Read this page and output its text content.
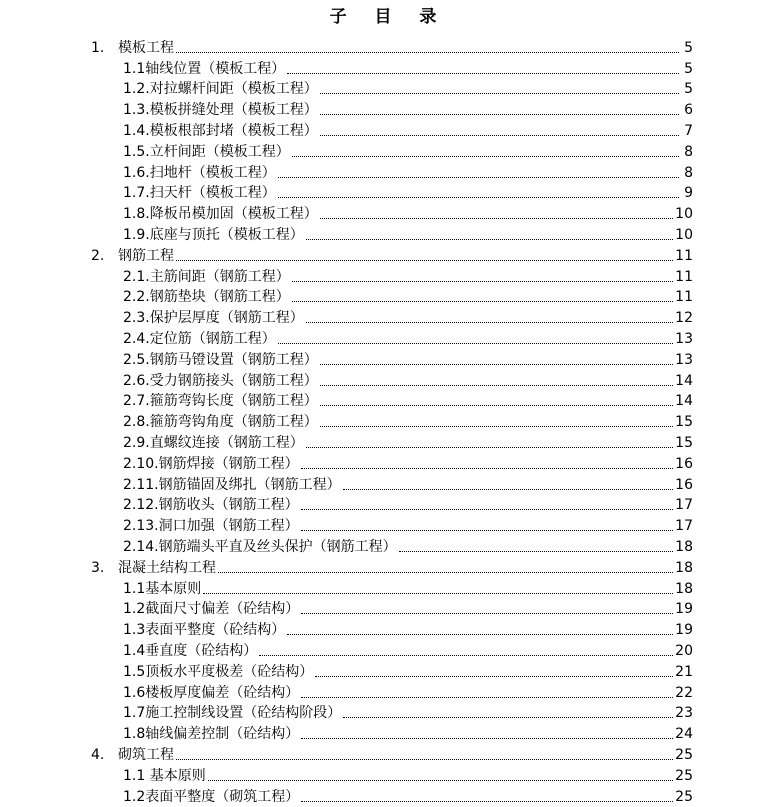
子 目 录
1. 模板工程	5
1.1轴线位置（模板工程）	5
1.2.对拉螺杆间距（模板工程）	5
1.3.模板拼缝处理（模板工程）	6
1.4.模板根部封堵（模板工程）	7
1.5.立杆间距（模板工程）	8
1.6.扫地杆（模板工程）	8
1.7.扫天杆（模板工程）	9
1.8.降板吊模加固（模板工程）	10
1.9.底座与顶托（模板工程）	10
2. 钢筋工程	11
2.1.主筋间距（钢筋工程）	11
2.2.钢筋垫块（钢筋工程）	11
2.3.保护层厚度（钢筋工程）	12
2.4.定位筋（钢筋工程）	13
2.5.钢筋马镫设置（钢筋工程）	13
2.6.受力钢筋接头（钢筋工程）	14
2.7.箍筋弯钩长度（钢筋工程）	14
2.8.箍筋弯钩角度（钢筋工程）	15
2.9.直螺纹连接（钢筋工程）	15
2.10.钢筋焊接（钢筋工程）	16
2.11.钢筋锚固及绑扎（钢筋工程）	16
2.12.钢筋收头（钢筋工程）	17
2.13.洞口加强（钢筋工程）	17
2.14.钢筋端头平直及丝头保护（钢筋工程）	18
3. 混凝土结构工程	18
1.1基本原则	18
1.2截面尺寸偏差（砼结构）	19
1.3表面平整度（砼结构）	19
1.4垂直度（砼结构）	20
1.5顶板水平度极差（砼结构）	21
1.6楼板厚度偏差（砼结构）	22
1.7施工控制线设置（砼结构阶段）	23
1.8轴线偏差控制（砼结构）	24
4. 砌筑工程	25
1.1 基本原则	25
1.2表面平整度（砌筑工程）	25
